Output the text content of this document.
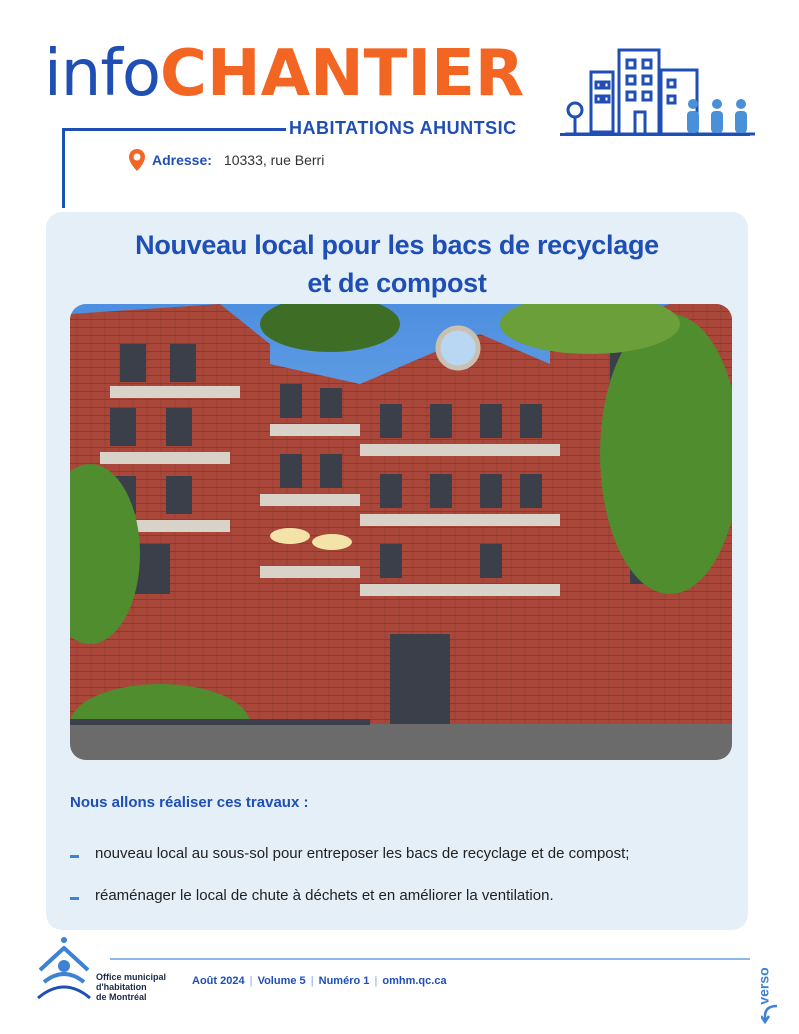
infoCHANTIER
HABITATIONS AHUNTSIC
Adresse: 10333, rue Berri
Nouveau local pour les bacs de recyclage
et de compost
Nous allons réaliser ces travaux :
nouveau local au sous-sol pour entreposer les bacs de recyclage et de compost;
réaménager le local de chute à déchets et en améliorer la ventilation.
Office municipal
d'habitation
de Montréal
Août 2024 | Volume 5 | Numéro 1 | omhm.qc.ca	verso
